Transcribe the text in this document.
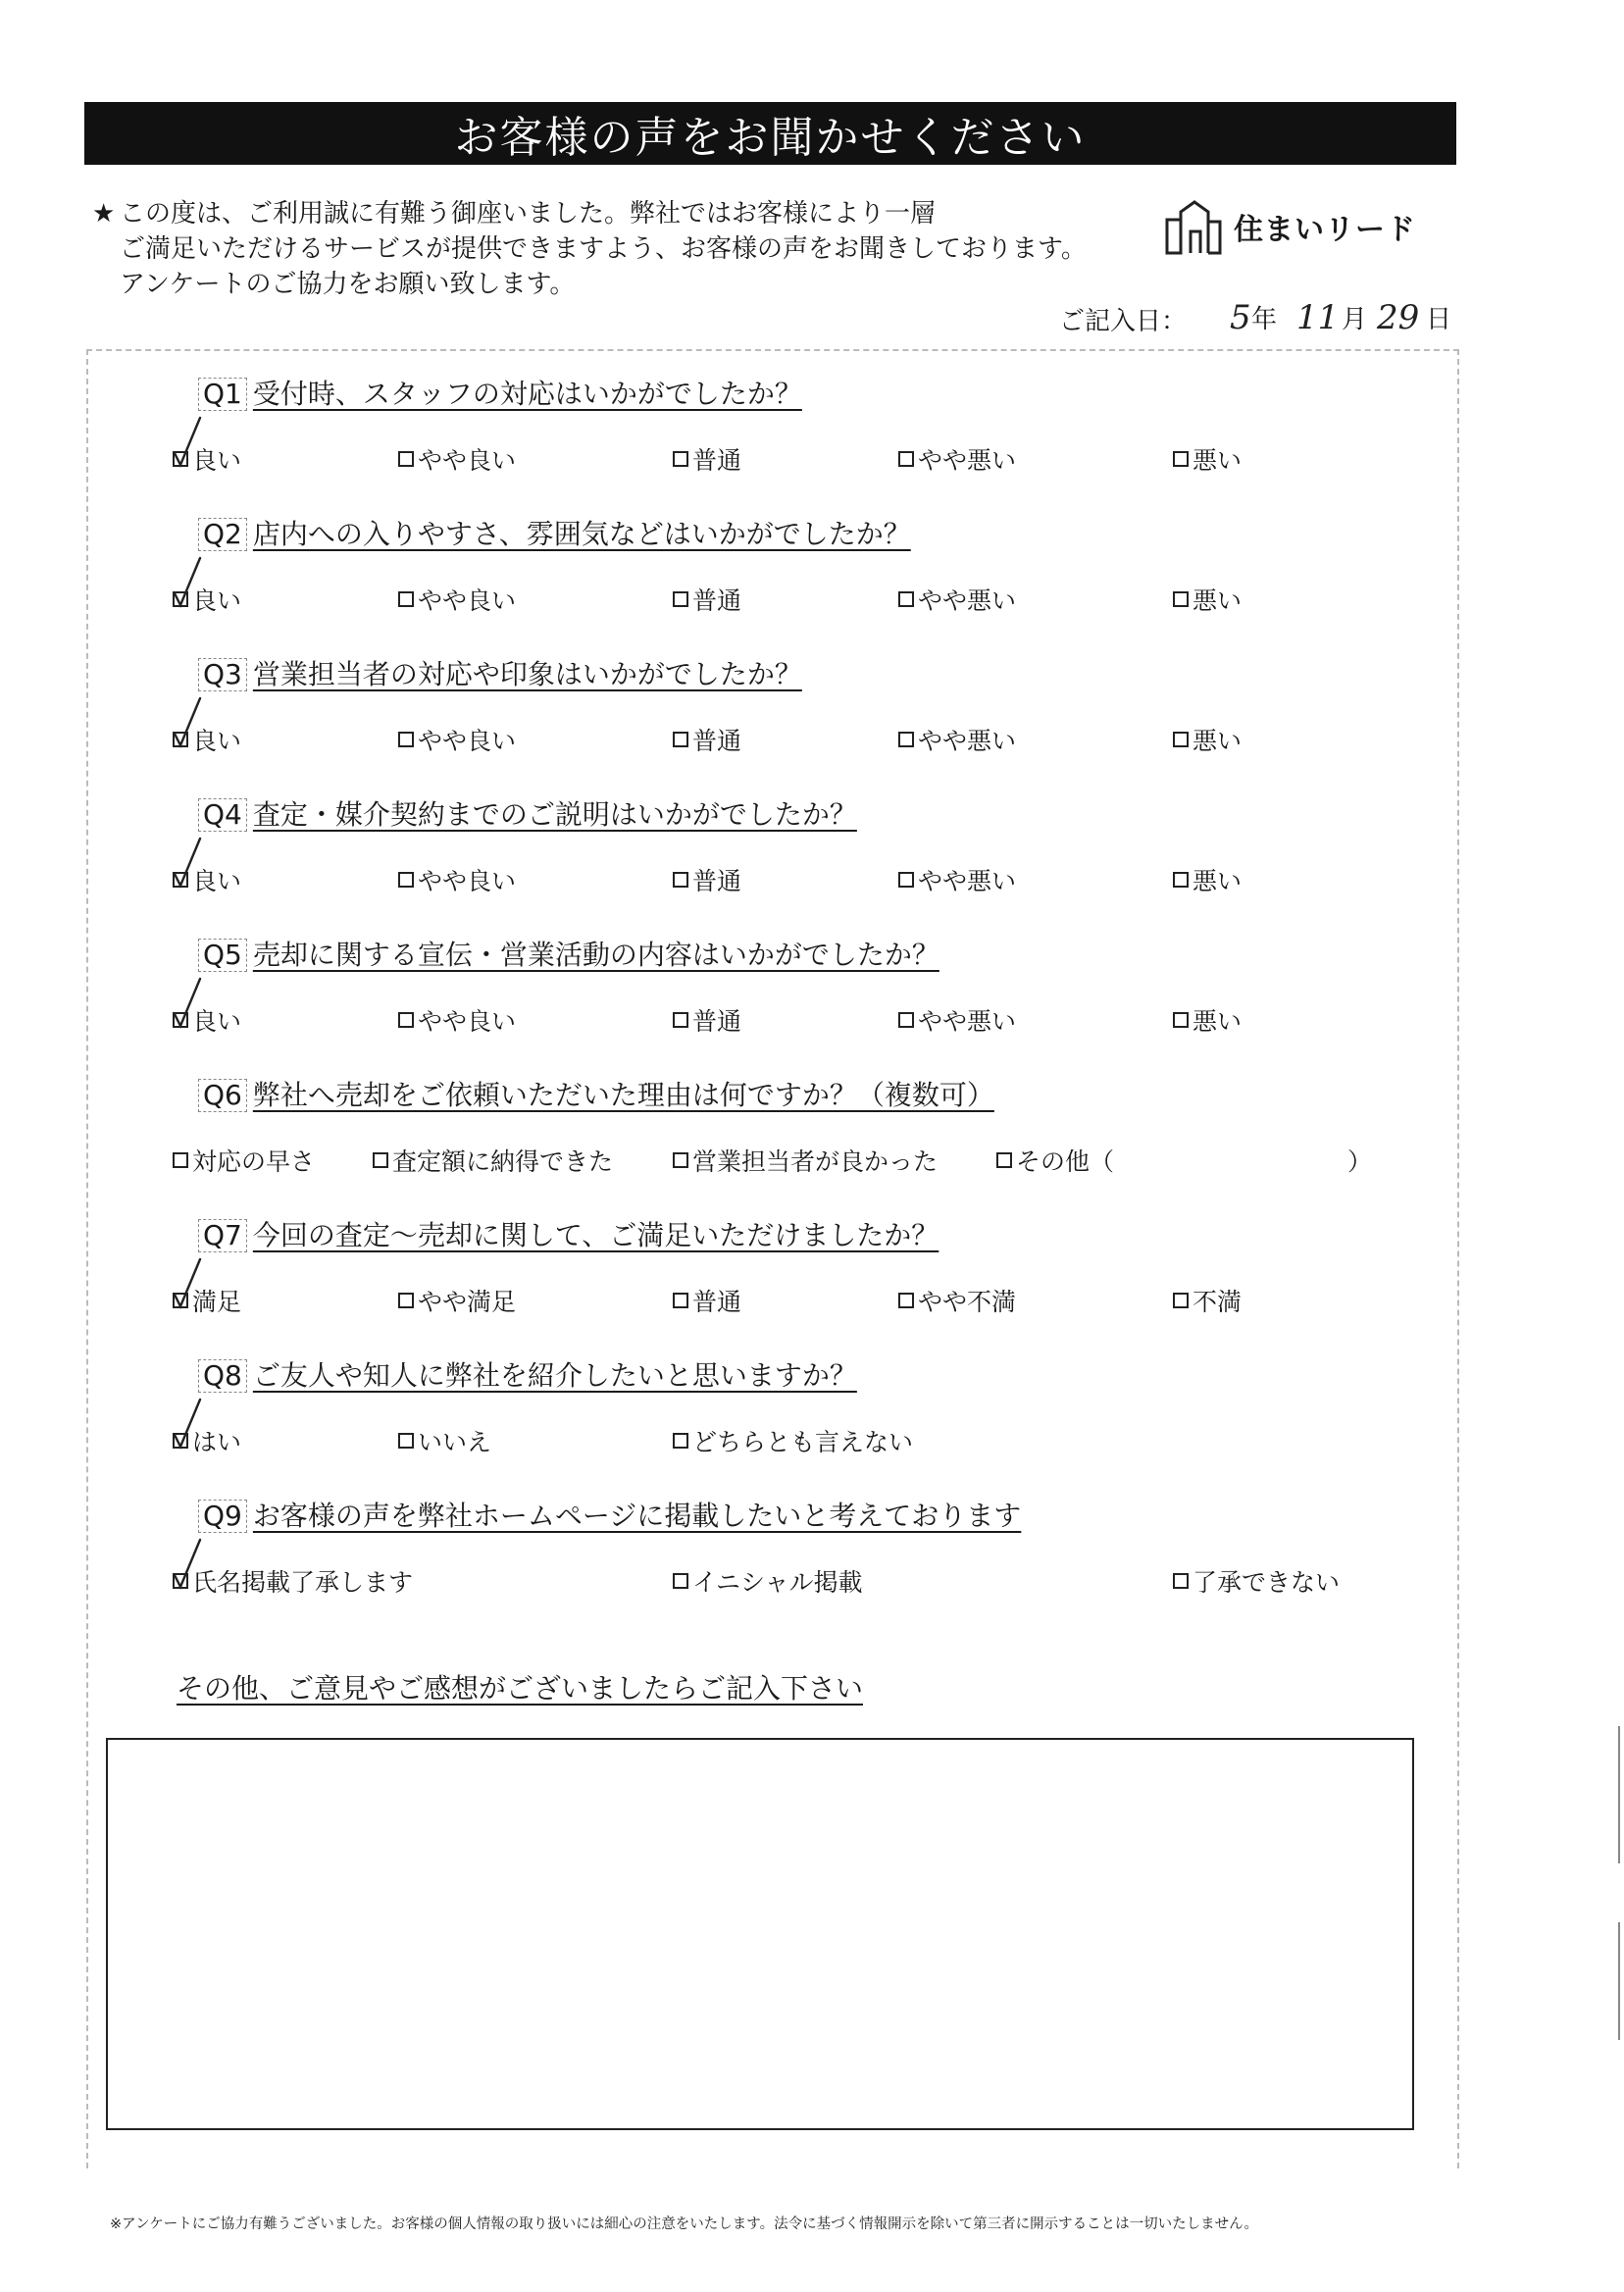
お客様の声をお聞かせください
★ この度は、ご利用誠に有難う御座いました。弊社ではお客様により一層
ご満足いただけるサービスが提供できますよう、お客様の声をお聞きしております。
アンケートのご協力をお願い致します。
住まいリード
ご記入日： 5 年 11 月 29 日
Q1 受付時、スタッフの対応はいかがでしたか？
良い	やや良い	普通	やや悪い	悪い
Q2 店内への入りやすさ、雰囲気などはいかがでしたか？
良い	やや良い	普通	やや悪い	悪い
Q3 営業担当者の対応や印象はいかがでしたか？
良い	やや良い	普通	やや悪い	悪い
Q4 査定・媒介契約までのご説明はいかがでしたか？
良い	やや良い	普通	やや悪い	悪い
Q5 売却に関する宣伝・営業活動の内容はいかがでしたか？
良い	やや良い	普通	やや悪い	悪い
Q6 弊社へ売却をご依頼いただいた理由は何ですか？（複数可）
対応の早さ	査定額に納得できた	営業担当者が良かった	その他（	）
Q7 今回の査定～売却に関して、ご満足いただけましたか？
満足	やや満足	普通	やや不満	不満
Q8 ご友人や知人に弊社を紹介したいと思いますか？
はい	いいえ	どちらとも言えない
Q9 お客様の声を弊社ホームページに掲載したいと考えております
氏名掲載了承します	イニシャル掲載	了承できない
その他、ご意見やご感想がございましたらご記入下さい
※アンケートにご協力有難うございました。お客様の個人情報の取り扱いには細心の注意をいたします。法令に基づく情報開示を除いて第三者に開示することは一切いたしません。
